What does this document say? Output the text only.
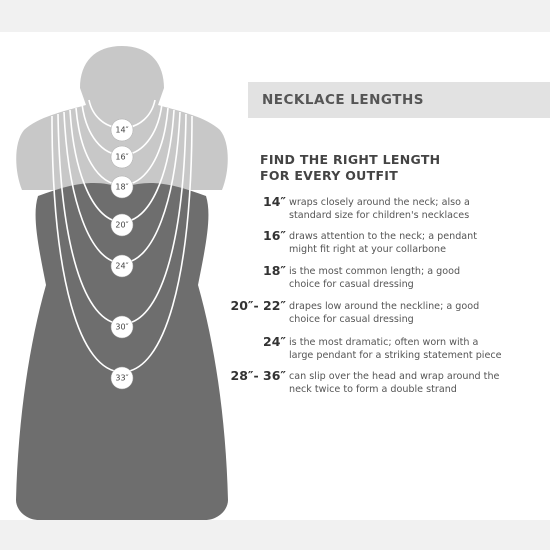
14″
16″
18″
20″
24″
30″
33″
NECKLACE LENGTHS
FIND THE RIGHT LENGTH
FOR EVERY OUTFIT
14″ wraps closely around the neck; also a
standard size for children's necklaces
16″ draws attention to the neck; a pendant
might fit right at your collarbone
18″ is the most common length; a good
choice for casual dressing
20″- 22″ drapes low around the neckline; a good
choice for casual dressing
24″ is the most dramatic; often worn with a
large pendant for a striking statement piece
28″- 36″ can slip over the head and wrap around the
neck twice to form a double strand
